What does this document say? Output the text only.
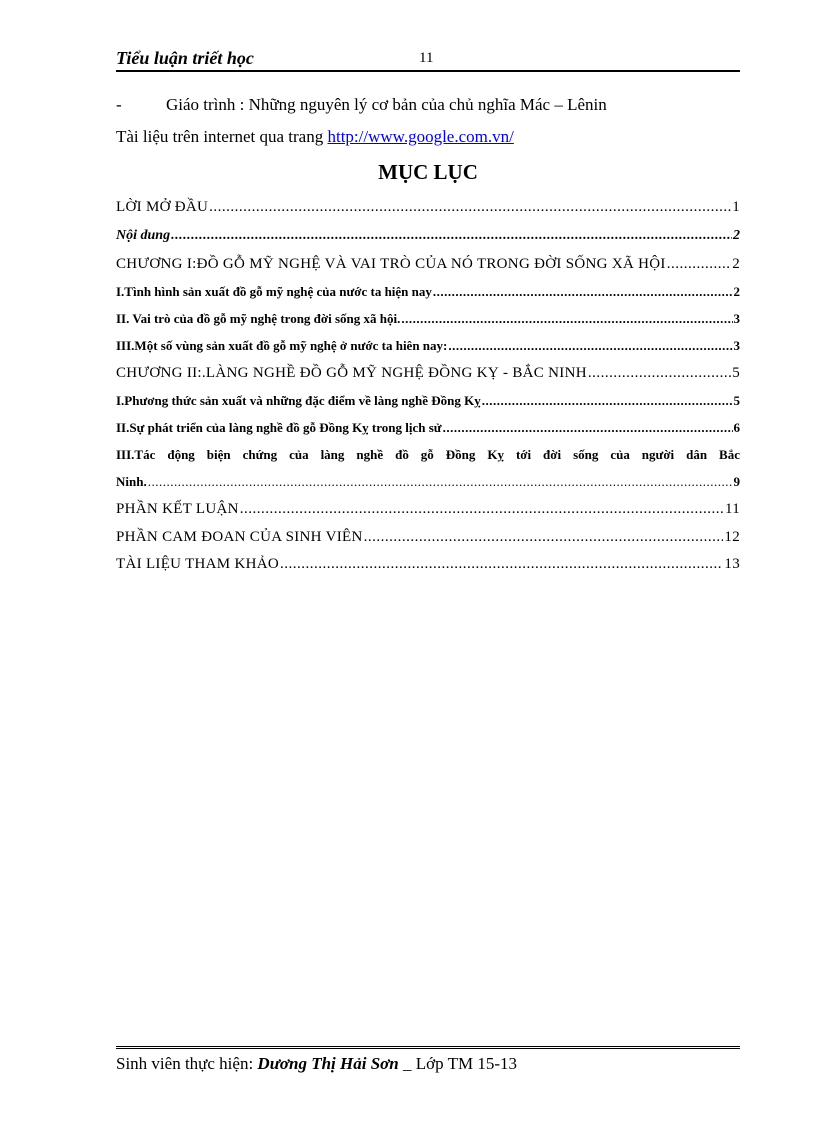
Tiểu luận triết học	11
-	Giáo trình : Những nguyên lý cơ bản của chủ nghĩa Mác – Lênin
Tài liệu trên internet qua trang http://www.google.com.vn/
MỤC LỤC
LỜI MỞ ĐẦU .....	1
Nội dung .....	2
CHƯƠNG I:ĐỒ GỖ MỸ NGHỆ VÀ VAI TRÒ CỦA NÓ TRONG ĐỜI SỐNG XÃ HỘI .....	2
I.Tình hình sản xuất đồ gỗ mỹ nghệ của nước ta hiện nay .....	2
II. Vai trò của đồ gỗ mỹ nghệ trong đời sống xã hội. .....	3
III.Một số vùng sản xuất đồ gỗ mỹ nghệ ở nước ta hiên nay: .....	3
CHƯƠNG II:.LÀNG NGHỀ ĐỒ GỖ MỸ NGHỆ ĐỒNG KỴ - BẮC NINH .....	5
I.Phương thức sản xuất và những đặc điểm về làng nghề Đồng Kỵ .....	5
II.Sự phát triển của làng nghề đồ gỗ Đồng Kỵ trong lịch sử .....	6
III.Tác động biện chứng của làng nghề đồ gỗ Đồng Kỵ tới đời sống của người dân Bắc
Ninh. .....	9
PHẦN KẾT LUẬN .....	11
PHẦN CAM ĐOAN CỦA SINH VIÊN .....	12
TÀI LIỆU THAM KHẢO .....	13
Sinh viên thực hiện: Dương Thị Hải Sơn _ Lớp TM 15-13
